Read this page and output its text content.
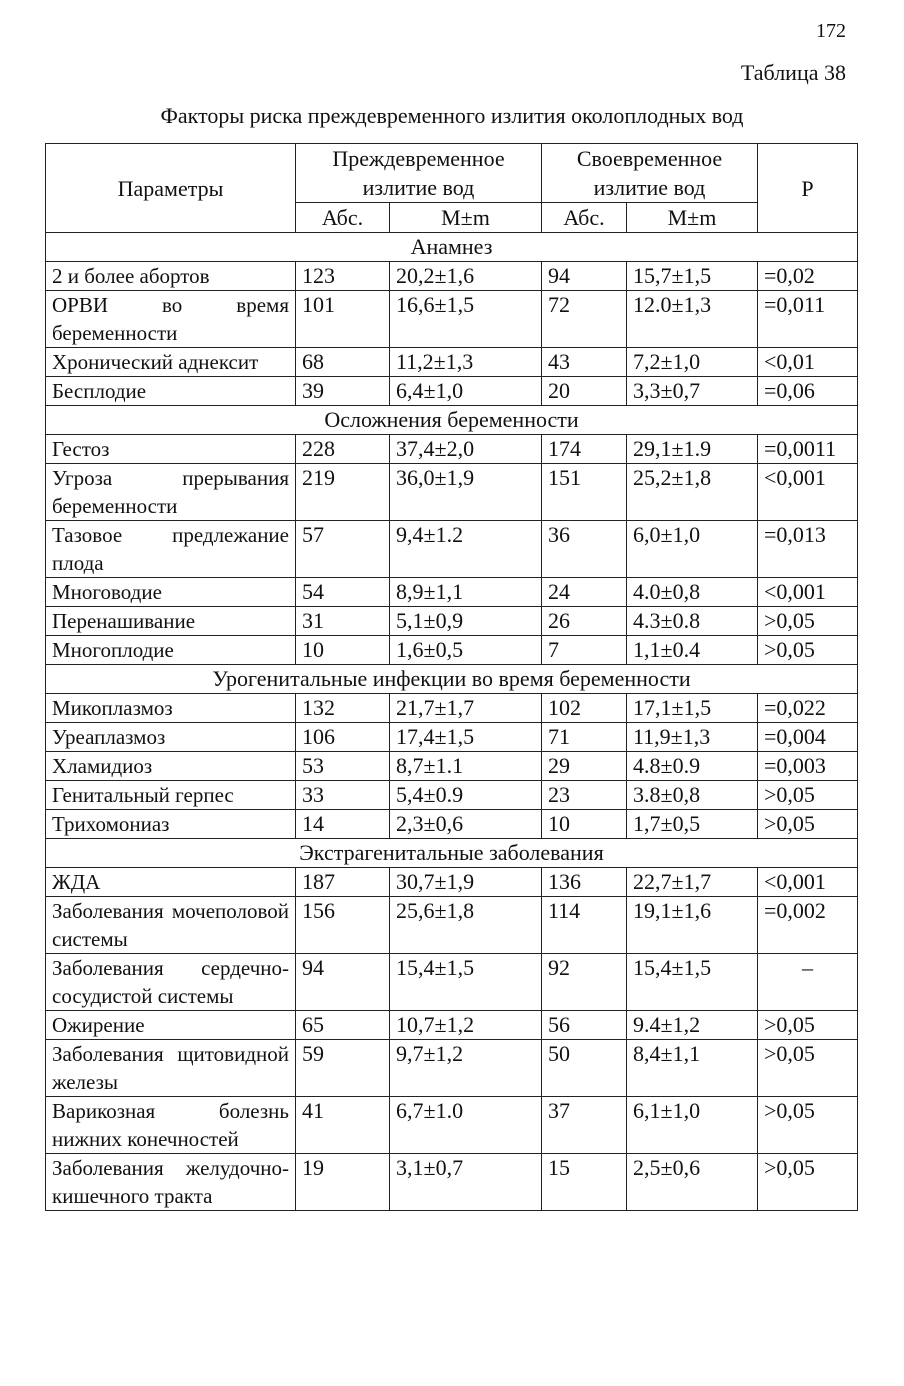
172
Таблица 38
Факторы риска преждевременного излития околоплодных вод
Параметры	Преждевременное излитие вод		Своевременное излитие вод		Р
	Абс.	M±m	Абс.	M±m	
Анамнез					
2 и более абортов	123	20,2±1,6	94	15,7±1,5	=0,02
ОРВИ во время беременности	101	16,6±1,5	72	12.0±1,3	=0,011
Хронический аднексит	68	11,2±1,3	43	7,2±1,0	<0,01
Бесплодие	39	6,4±1,0	20	3,3±0,7	=0,06
Осложнения беременности					
Гестоз	228	37,4±2,0	174	29,1±1.9	=0,0011
Угроза прерывания беременности	219	36,0±1,9	151	25,2±1,8	<0,001
Тазовое предлежание плода	57	9,4±1.2	36	6,0±1,0	=0,013
Многоводие	54	8,9±1,1	24	4.0±0,8	<0,001
Перенашивание	31	5,1±0,9	26	4.3±0.8	>0,05
Многоплодие	10	1,6±0,5	7	1,1±0.4	>0,05
Урогенитальные инфекции во время беременности					
Микоплазмоз	132	21,7±1,7	102	17,1±1,5	=0,022
Уреаплазмоз	106	17,4±1,5	71	11,9±1,3	=0,004
Хламидиоз	53	8,7±1.1	29	4.8±0.9	=0,003
Генитальный герпес	33	5,4±0.9	23	3.8±0,8	>0,05
Трихомониаз	14	2,3±0,6	10	1,7±0,5	>0,05
Экстрагенитальные заболевания					
ЖДА	187	30,7±1,9	136	22,7±1,7	<0,001
Заболевания мочеполовой системы	156	25,6±1,8	114	19,1±1,6	=0,002
Заболевания сердечно-сосудистой системы	94	15,4±1,5	92	15,4±1,5	–
Ожирение	65	10,7±1,2	56	9.4±1,2	>0,05
Заболевания щитовидной железы	59	9,7±1,2	50	8,4±1,1	>0,05
Варикозная болезнь нижних конечностей	41	6,7±1.0	37	6,1±1,0	>0,05
Заболевания желудочно-кишечного тракта	19	3,1±0,7	15	2,5±0,6	>0,05
